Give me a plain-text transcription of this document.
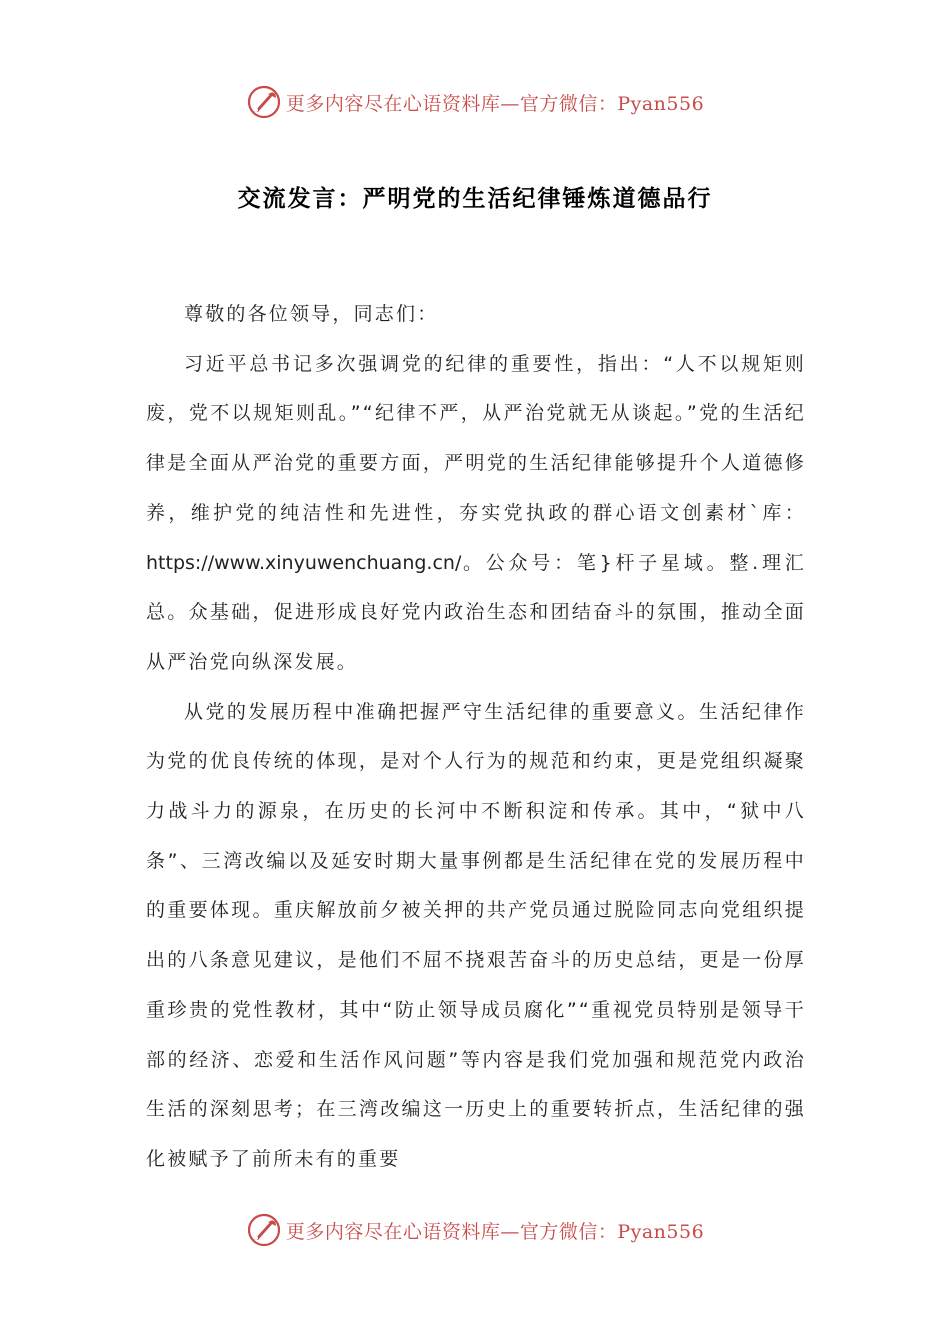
更多内容尽在心语资料库—官方微信：Pyan556
交流发言：严明党的生活纪律锤炼道德品行

尊敬的各位领导，同志们：

习近平总书记多次强调党的纪律的重要性，指出：“人不以规矩则废，党不以规矩则乱。”“纪律不严，从严治党就无从谈起。”党的生活纪律是全面从严治党的重要方面，严明党的生活纪律能够提升个人道德修养，维护党的纯洁性和先进性，夯实党执政的群心语文创素材`库：https://www.xinyuwenchuang.cn/。公众号：笔}杆子星域。整.理汇总。众基础，促进形成良好党内政治生态和团结奋斗的氛围，推动全面从严治党向纵深发展。

从党的发展历程中准确把握严守生活纪律的重要意义。生活纪律作为党的优良传统的体现，是对个人行为的规范和约束，更是党组织凝聚力战斗力的源泉，在历史的长河中不断积淀和传承。其中，“狱中八条”、三湾改编以及延安时期大量事例都是生活纪律在党的发展历程中的重要体现。重庆解放前夕被关押的共产党员通过脱险同志向党组织提出的八条意见建议，是他们不屈不挠艰苦奋斗的历史总结，更是一份厚重珍贵的党性教材，其中“防止领导成员腐化”“重视党员特别是领导干部的经济、恋爱和生活作风问题”等内容是我们党加强和规范党内政治生活的深刻思考；在三湾改编这一历史上的重要转折点，生活纪律的强化被赋予了前所未有的重要

更多内容尽在心语资料库—官方微信：Pyan556
